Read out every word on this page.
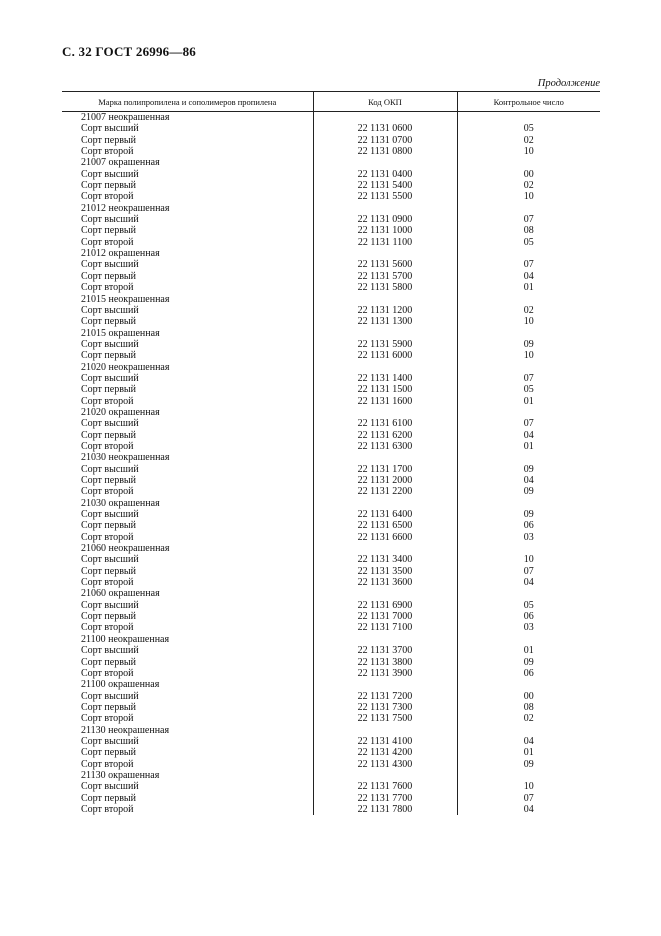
С. 32 ГОСТ 26996—86
Продолжение
Марка полипропилена и сополимеров пропилена	Код ОКП	Контрольное число
21007 неокрашенная		
Сорт высший	22 1131 0600	05
Сорт первый	22 1131 0700	02
Сорт второй	22 1131 0800	10
21007 окрашенная		
Сорт высший	22 1131 0400	00
Сорт первый	22 1131 5400	02
Сорт второй	22 1131 5500	10
21012 неокрашенная		
Сорт высший	22 1131 0900	07
Сорт первый	22 1131 1000	08
Сорт второй	22 1131 1100	05
21012 окрашенная		
Сорт высший	22 1131 5600	07
Сорт первый	22 1131 5700	04
Сорт второй	22 1131 5800	01
21015 неокрашенная		
Сорт высший	22 1131 1200	02
Сорт первый	22 1131 1300	10
21015 окрашенная		
Сорт высший	22 1131 5900	09
Сорт первый	22 1131 6000	10
21020 неокрашенная		
Сорт высший	22 1131 1400	07
Сорт первый	22 1131 1500	05
Сорт второй	22 1131 1600	01
21020 окрашенная		
Сорт высший	22 1131 6100	07
Сорт первый	22 1131 6200	04
Сорт второй	22 1131 6300	01
21030 неокрашенная		
Сорт высший	22 1131 1700	09
Сорт первый	22 1131 2000	04
Сорт второй	22 1131 2200	09
21030 окрашенная		
Сорт высший	22 1131 6400	09
Сорт первый	22 1131 6500	06
Сорт второй	22 1131 6600	03
21060 неокрашенная		
Сорт высший	22 1131 3400	10
Сорт первый	22 1131 3500	07
Сорт второй	22 1131 3600	04
21060 окрашенная		
Сорт высший	22 1131 6900	05
Сорт первый	22 1131 7000	06
Сорт второй	22 1131 7100	03
21100 неокрашенная		
Сорт высший	22 1131 3700	01
Сорт первый	22 1131 3800	09
Сорт второй	22 1131 3900	06
21100 окрашенная		
Сорт высший	22 1131 7200	00
Сорт первый	22 1131 7300	08
Сорт второй	22 1131 7500	02
21130 неокрашенная		
Сорт высший	22 1131 4100	04
Сорт первый	22 1131 4200	01
Сорт второй	22 1131 4300	09
21130 окрашенная		
Сорт высший	22 1131 7600	10
Сорт первый	22 1131 7700	07
Сорт второй	22 1131 7800	04
